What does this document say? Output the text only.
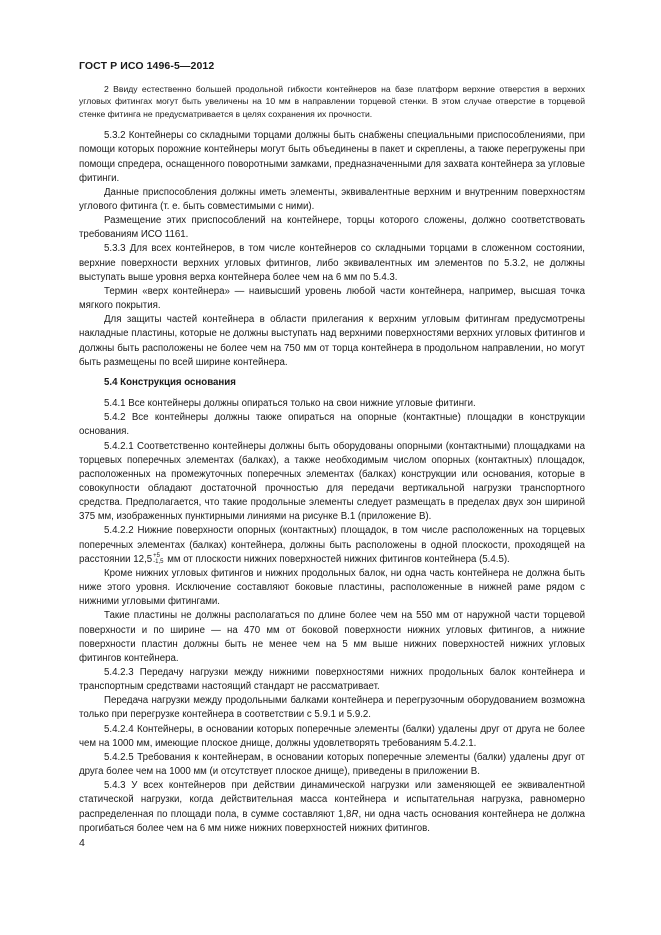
ГОСТ Р ИСО 1496-5—2012

2 Ввиду естественно большей продольной гибкости контейнеров на базе платформ верхние отверстия в верхних угловых фитингах могут быть увеличены на 10 мм в направлении торцевой стенки. В этом случае отверстие в торцевой стенке фитинга не предусматривается в целях сохранения их прочности.

5.3.2 Контейнеры со складными торцами должны быть снабжены специальными приспособлениями, при помощи которых порожние контейнеры могут быть объединены в пакет и скреплены, а также перегружены при помощи спредера, оснащенного поворотными замками, предназначенными для захвата контейнера за угловые фитинги.

Данные приспособления должны иметь элементы, эквивалентные верхним и внутренним поверхностям углового фитинга (т. е. быть совместимыми с ними).

Размещение этих приспособлений на контейнере, торцы которого сложены, должно соответствовать требованиям ИСО 1161.

5.3.3 Для всех контейнеров, в том числе контейнеров со складными торцами в сложенном состоянии, верхние поверхности верхних угловых фитингов, либо эквивалентных им элементов по 5.3.2, не должны выступать выше уровня верха контейнера более чем на 6 мм по 5.4.3.

Термин «верх контейнера» — наивысший уровень любой части контейнера, например, высшая точка мягкого покрытия.

Для защиты частей контейнера в области прилегания к верхним угловым фитингам предусмотрены накладные пластины, которые не должны выступать над верхними поверхностями верхних угловых фитингов и должны быть расположены не более чем на 750 мм от торца контейнера в продольном направлении, но могут быть размещены по всей ширине контейнера.

5.4 Конструкция основания

5.4.1 Все контейнеры должны опираться только на свои нижние угловые фитинги.

5.4.2 Все контейнеры должны также опираться на опорные (контактные) площадки в конструкции основания.

5.4.2.1 Соответственно контейнеры должны быть оборудованы опорными (контактными) площадками на торцевых поперечных элементах (балках), а также необходимым числом опорных (контактных) площадок, расположенных на промежуточных поперечных элементах (балках) конструкции или основания, которые в совокупности обладают достаточной прочностью для передачи вертикальной нагрузки транспортного средства. Предполагается, что такие продольные элементы следует размещать в пределах двух зон шириной 375 мм, изображенных пунктирными линиями на рисунке В.1 (приложение В).

5.4.2.2 Нижние поверхности опорных (контактных) площадок, в том числе расположенных на торцевых поперечных элементах (балках) контейнера, должны быть расположены в одной плоскости, проходящей на расстоянии 12,5 +5
-1,5 мм от плоскости нижних поверхностей нижних фитингов контейнера (5.4.5).

Кроме нижних угловых фитингов и нижних продольных балок, ни одна часть контейнера не должна быть ниже этого уровня. Исключение составляют боковые пластины, расположенные в нижней раме рядом с нижними угловыми фитингами.

Такие пластины не должны располагаться по длине более чем на 550 мм от наружной части торцевой поверхности и по ширине — на 470 мм от боковой поверхности нижних угловых фитингов, а нижние поверхности пластин должны быть не менее чем на 5 мм выше нижних поверхностей нижних угловых фитингов контейнера.

5.4.2.3 Передачу нагрузки между нижними поверхностями нижних продольных балок контейнера и транспортным средствами настоящий стандарт не рассматривает.

Передача нагрузки между продольными балками контейнера и перегрузочным оборудованием возможна только при перегрузке контейнера в соответствии с 5.9.1 и 5.9.2.

5.4.2.4 Контейнеры, в основании которых поперечные элементы (балки) удалены друг от друга не более чем на 1000 мм, имеющие плоское днище, должны удовлетворять требованиям 5.4.2.1.

5.4.2.5 Требования к контейнерам, в основании которых поперечные элементы (балки) удалены друг от друга более чем на 1000 мм (и отсутствует плоское днище), приведены в приложении В.

5.4.3 У всех контейнеров при действии динамической нагрузки или заменяющей ее эквивалентной статической нагрузки, когда действительная масса контейнера и испытательная нагрузка, равномерно распределенная по площади пола, в сумме составляют 1,8R, ни одна часть основания контейнера не должна прогибаться более чем на 6 мм ниже нижних поверхностей нижних фитингов.

4
